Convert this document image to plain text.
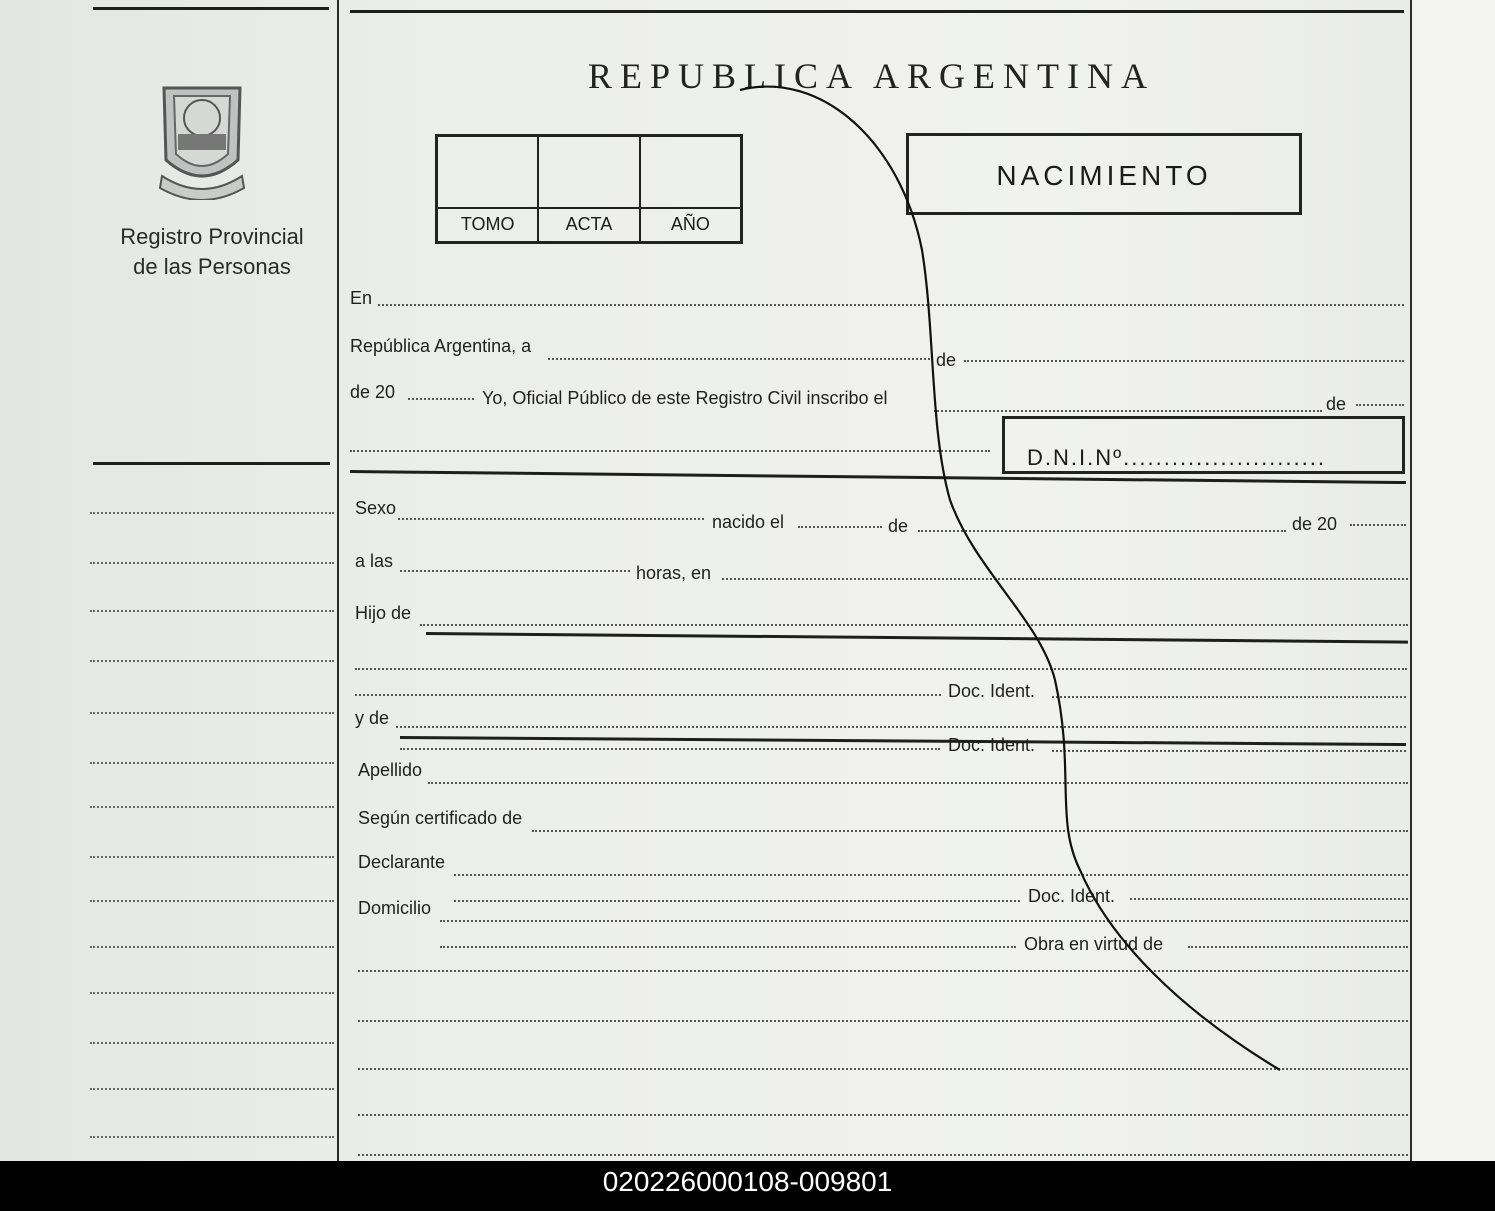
Registro Provincial
de las Personas
REPUBLICA ARGENTINA
TOMO	ACTA	AÑO
NACIMIENTO
En
República Argentina, a
de
de 20	Yo, Oficial Público de este Registro Civil inscribo el	de
D.N.I.Nº.........................
Sexo
nacido el	de	de 20
a las
horas, en
Hijo de
Doc. Ident.
y de
Doc. Ident.
Apellido
Según certificado de
Declarante
Doc. Ident.
Domicilio
Obra en virtud de
020226000108-009801
